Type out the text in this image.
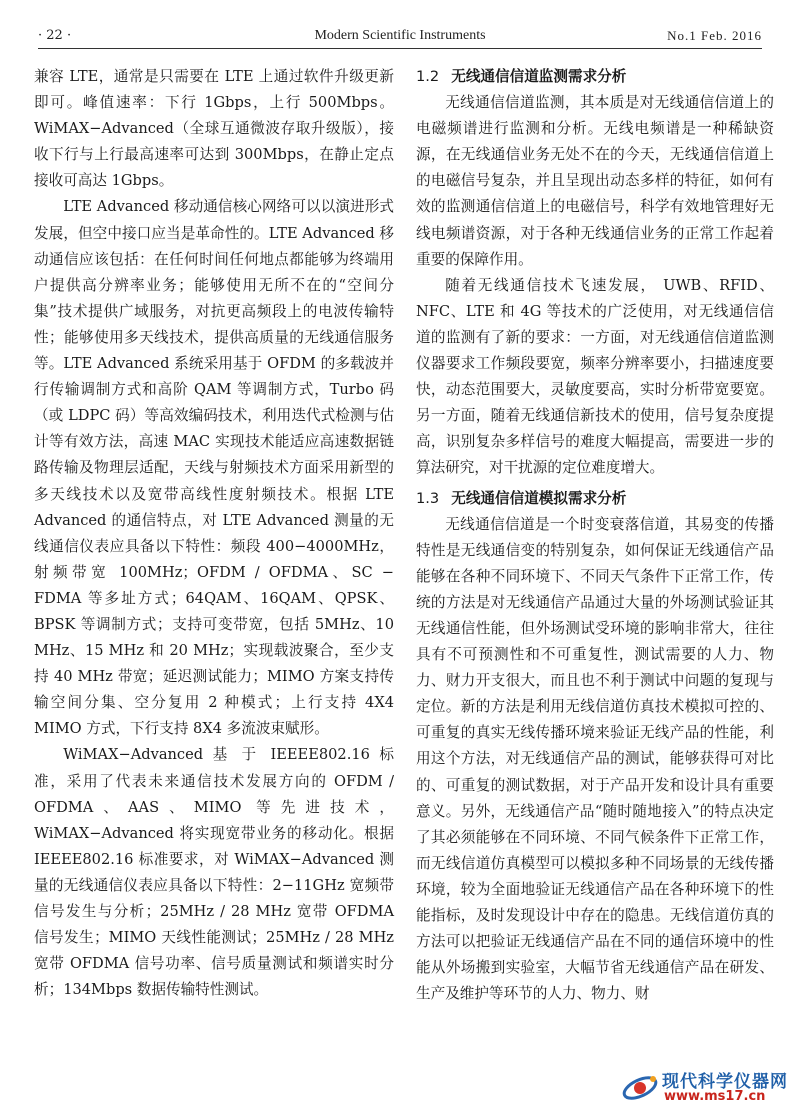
· 22 ·	Modern Scientific Instruments	No.1 Feb. 2016

兼容 LTE，通常是只需要在 LTE 上通过软件升级更新即可。峰值速率：下行 1Gbps，上行 500Mbps。WiMAX−Advanced（全球互通微波存取升级版），接收下行与上行最高速率可达到 300Mbps，在静止定点接收可高达 1Gbps。

LTE Advanced 移动通信核心网络可以以演进形式发展，但空中接口应当是革命性的。LTE Advanced 移动通信应该包括：在任何时间任何地点都能够为终端用户提供高分辨率业务；能够使用无所不在的“空间分集”技术提供广域服务，对抗更高频段上的电波传输特性；能够使用多天线技术，提供高质量的无线通信服务等。LTE Advanced 系统采用基于 OFDM 的多载波并行传输调制方式和高阶 QAM 等调制方式，Turbo 码（或 LDPC 码）等高效编码技术，利用迭代式检测与估计等有效方法，高速 MAC 实现技术能适应高速数据链路传输及物理层适配，天线与射频技术方面采用新型的多天线技术以及宽带高线性度射频技术。根据 LTE Advanced 的通信特点，对 LTE Advanced 测量的无线通信仪表应具备以下特性：频段 400−4000MHz，射频带宽 100MHz；OFDM / OFDMA、SC − FDMA 等多址方式；64QAM、16QAM、QPSK、BPSK 等调制方式；支持可变带宽，包括 5MHz、10 MHz、15 MHz 和 20 MHz；实现载波聚合，至少支持 40 MHz 带宽；延迟测试能力；MIMO 方案支持传输空间分集、空分复用 2 种模式；上行支持 4X4 MIMO 方式，下行支持 8X4 多流波束赋形。

WiMAX−Advanced 基 于 IEEEE802.16 标准，采用了代表未来通信技术发展方向的 OFDM / OFDMA、AAS、MIMO 等先进技术，WiMAX−Advanced 将实现宽带业务的移动化。根据 IEEEE802.16 标准要求，对 WiMAX−Advanced 测量的无线通信仪表应具备以下特性：2−11GHz 宽频带信号发生与分析；25MHz / 28 MHz 宽带 OFDMA 信号发生；MIMO 天线性能测试；25MHz / 28 MHz 宽带 OFDMA 信号功率、信号质量测试和频谱实时分析；134Mbps 数据传输特性测试。

1.2 无线通信信道监测需求分析

无线通信信道监测，其本质是对无线通信信道上的电磁频谱进行监测和分析。无线电频谱是一种稀缺资源，在无线通信业务无处不在的今天，无线通信信道上的电磁信号复杂，并且呈现出动态多样的特征，如何有效的监测通信信道上的电磁信号，科学有效地管理好无线电频谱资源，对于各种无线通信业务的正常工作起着重要的保障作用。

随着无线通信技术飞速发展， UWB、RFID、NFC、LTE 和 4G 等技术的广泛使用，对无线通信信道的监测有了新的要求：一方面，对无线通信信道监测仪器要求工作频段要宽，频率分辨率要小，扫描速度要快，动态范围要大，灵敏度要高，实时分析带宽要宽。另一方面，随着无线通信新技术的使用，信号复杂度提高，识别复杂多样信号的难度大幅提高，需要进一步的算法研究，对干扰源的定位难度增大。

1.3 无线通信信道模拟需求分析

无线通信信道是一个时变衰落信道，其易变的传播特性是无线通信变的特别复杂，如何保证无线通信产品能够在各种不同环境下、不同天气条件下正常工作，传统的方法是对无线通信产品通过大量的外场测试验证其无线通信性能，但外场测试受环境的影响非常大，往往具有不可预测性和不可重复性，测试需要的人力、物力、财力开支很大，而且也不利于测试中问题的复现与定位。新的方法是利用无线信道仿真技术模拟可控的、可重复的真实无线传播环境来验证无线产品的性能，利用这个方法，对无线通信产品的测试，能够获得可对比的、可重复的测试数据，对于产品开发和设计具有重要意义。另外，无线通信产品“随时随地接入”的特点决定了其必须能够在不同环境、不同气候条件下正常工作，而无线信道仿真模型可以模拟多种不同场景的无线传播环境，较为全面地验证无线通信产品在各种环境下的性能指标，及时发现设计中存在的隐患。无线信道仿真的方法可以把验证无线通信产品在不同的通信环境中的性能从外场搬到实验室，大幅节省无线通信产品在研发、生产及维护等环节的人力、物力、财

现代科学仪器网
www.ms17.cn
